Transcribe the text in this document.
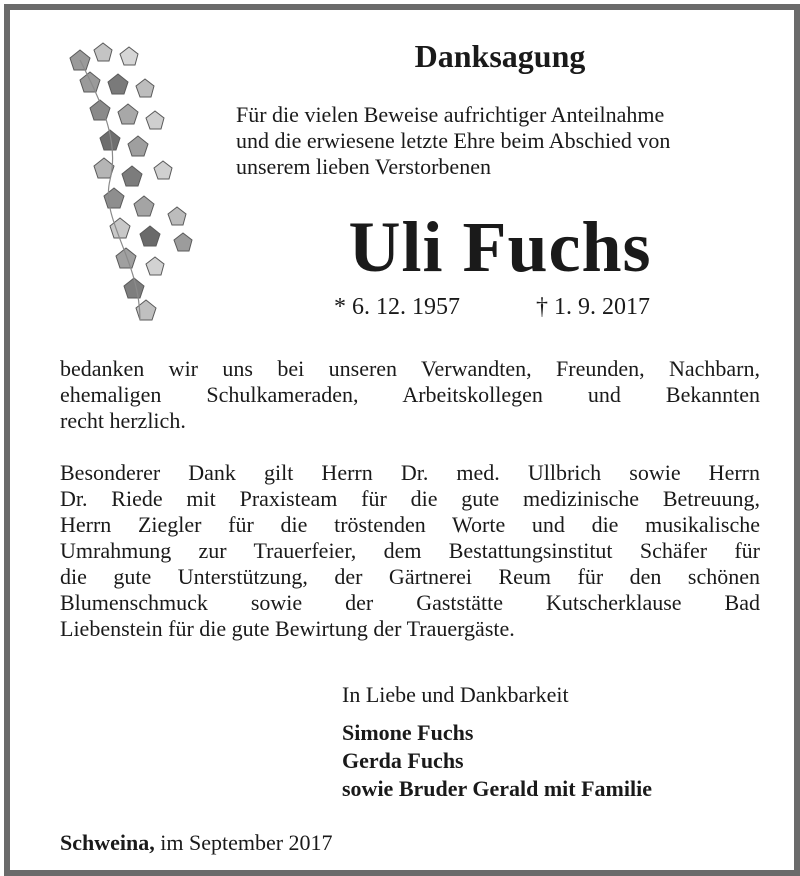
Danksagung

Für die vielen Beweise aufrichtiger Anteilnahme
und die erwiesene letzte Ehre beim Abschied von
unserem lieben Verstorbenen

Uli Fuchs

* 6. 12. 1957	† 1. 9. 2017

bedanken wir uns bei unseren Verwandten, Freunden, Nachbarn,
ehemaligen Schulkameraden, Arbeitskollegen und Bekannten
recht herzlich.

Besonderer Dank gilt Herrn Dr. med. Ullbrich sowie Herrn
Dr. Riede mit Praxisteam für die gute medizinische Betreuung,
Herrn Ziegler für die tröstenden Worte und die musikalische
Umrahmung zur Trauerfeier, dem Bestattungsinstitut Schäfer für
die gute Unterstützung, der Gärtnerei Reum für den schönen
Blumenschmuck sowie der Gaststätte Kutscherklause Bad
Liebenstein für die gute Bewirtung der Trauergäste.

In Liebe und Dankbarkeit

Simone Fuchs
Gerda Fuchs
sowie Bruder Gerald mit Familie

Schweina, im September 2017
